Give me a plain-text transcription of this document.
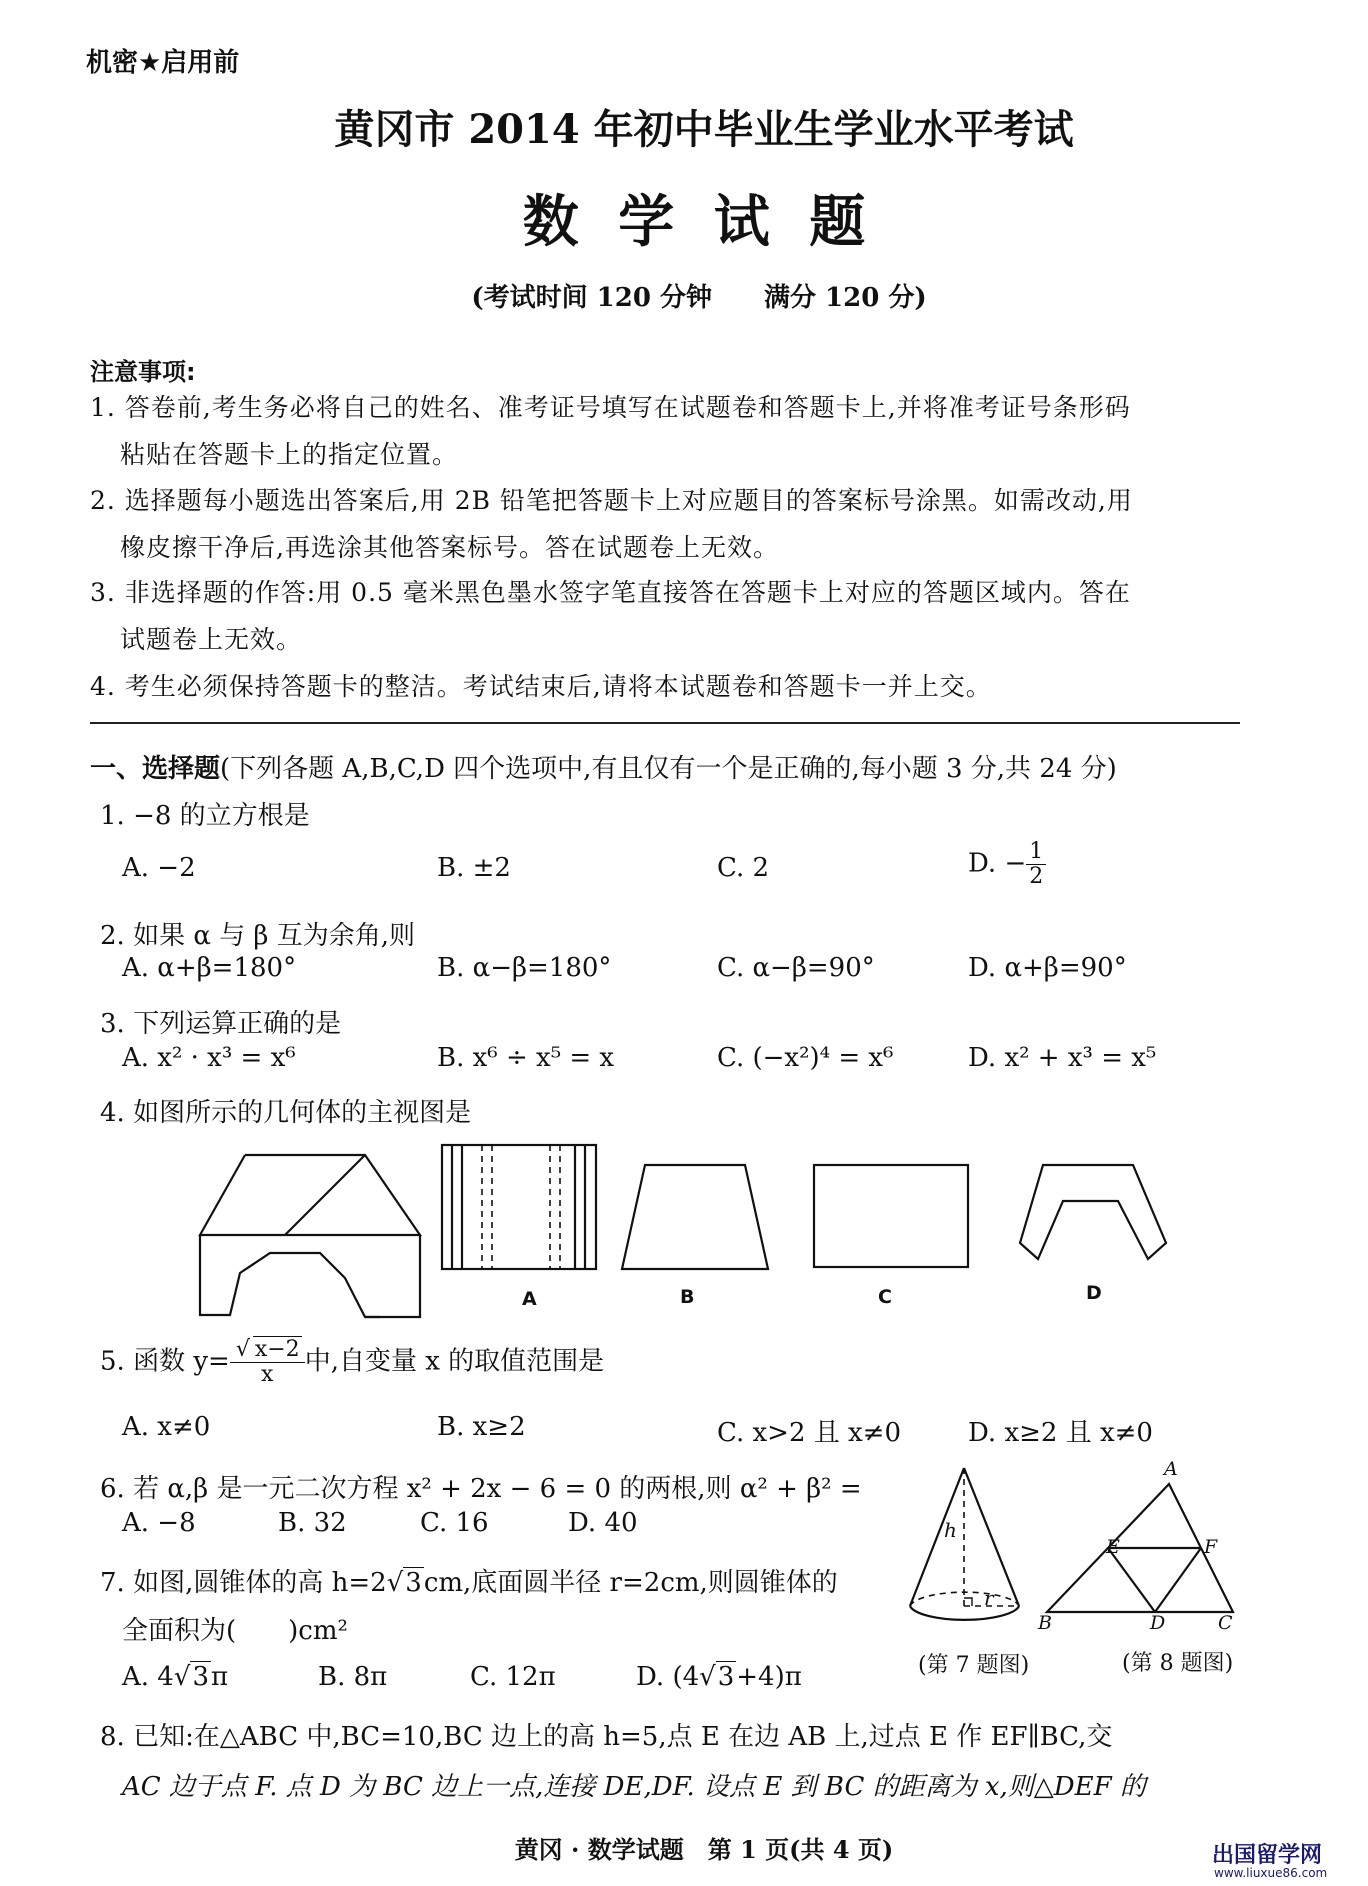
机密★启用前
黄冈市 2014 年初中毕业生学业水平考试
数 学 试 题
(考试时间 120 分钟　　满分 120 分)
注意事项:
1. 答卷前,考生务必将自己的姓名、准考证号填写在试题卷和答题卡上,并将准考证号条形码
粘贴在答题卡上的指定位置。
2. 选择题每小题选出答案后,用 2B 铅笔把答题卡上对应题目的答案标号涂黑。如需改动,用
橡皮擦干净后,再选涂其他答案标号。答在试题卷上无效。
3. 非选择题的作答:用 0.5 毫米黑色墨水签字笔直接答在答题卡上对应的答题区域内。答在
试题卷上无效。
4. 考生必须保持答题卡的整洁。考试结束后,请将本试题卷和答题卡一并上交。
一、选择题(下列各题 A,B,C,D 四个选项中,有且仅有一个是正确的,每小题 3 分,共 24 分)
1. −8 的立方根是
A. −2	B. ±2	C. 2	D. − $\frac{1}{2}$
2. 如果 α 与 β 互为余角,则
A. α+β=180°	B. α−β=180°	C. α−β=90°	D. α+β=90°
3. 下列运算正确的是
A. x² · x³ = x⁶	B. x⁶ ÷ x⁵ = x	C. (−x²)⁴ = x⁶	D. x² + x³ = x⁵
4. 如图所示的几何体的主视图是
A	B	C	D
5. 函数 $y= \frac{√ x-2}{x}$ 中,自变量 x 的取值范围是
A. x≠0	B. x≥2	C. x>2 且 x≠0	D. x≥2 且 x≠0
6. 若 α,β 是一元二次方程 x² + 2x − 6 = 0 的两根,则 α² + β² =
A. −8	B. 32	C. 16	D. 40
7. 如图,圆锥体的高 h=2√3cm,底面圆半径 r=2cm,则圆锥体的
全面积为(　　)cm²
A. 4√3π	B. 8π	C. 12π	D. (4√3+4)π
h
r
(第 7 题图)
A
B	C
D
E	F
(第 8 题图)
8. 已知:在△ABC 中,BC=10,BC 边上的高 h=5,点 E 在边 AB 上,过点 E 作 EF∥BC,交
AC 边于点 F. 点 D 为 BC 边上一点,连接 DE,DF. 设点 E 到 BC 的距离为 x,则△DEF 的
黄冈 · 数学试题　第 1 页(共 4 页)	出国留学网
www.liuxue86.com
